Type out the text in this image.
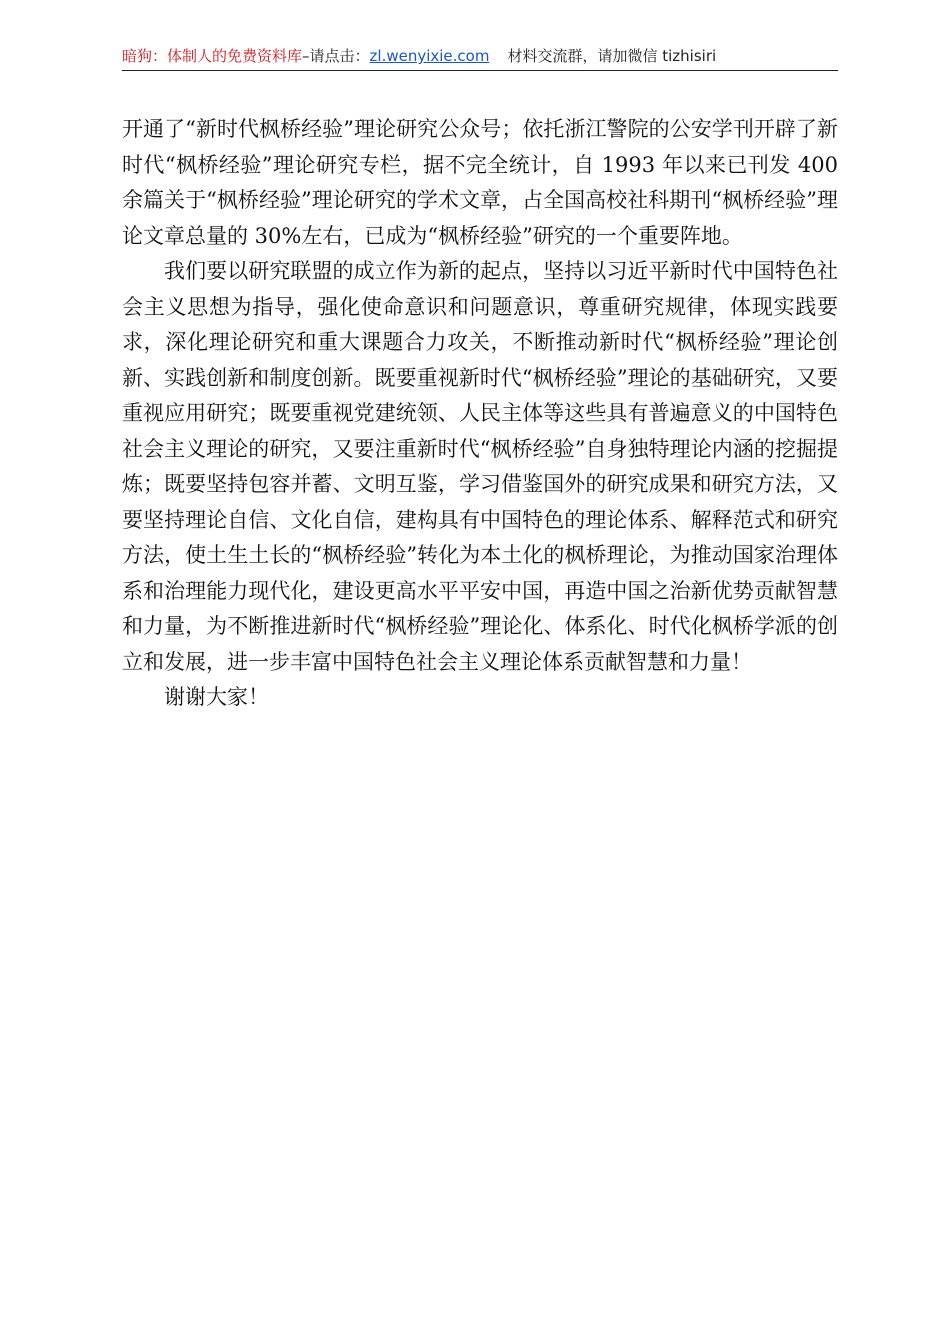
暗狗：体制人的免费资料库–请点击：zl.wenyixie.com 材料交流群，请加微信 tizhisiri

开通了“新时代枫桥经验”理论研究公众号；依托浙江警院的公安学刊开辟了新时代“枫桥经验”理论研究专栏，据不完全统计，自 1993 年以来已刊发 400 余篇关于“枫桥经验”理论研究的学术文章，占全国高校社科期刊“枫桥经验”理论文章总量的 30%左右，已成为“枫桥经验”研究的一个重要阵地。

我们要以研究联盟的成立作为新的起点，坚持以习近平新时代中国特色社会主义思想为指导，强化使命意识和问题意识，尊重研究规律，体现实践要求，深化理论研究和重大课题合力攻关，不断推动新时代“枫桥经验”理论创新、实践创新和制度创新。既要重视新时代“枫桥经验”理论的基础研究，又要重视应用研究；既要重视党建统领、人民主体等这些具有普遍意义的中国特色社会主义理论的研究，又要注重新时代“枫桥经验”自身独特理论内涵的挖掘提炼；既要坚持包容并蓄、文明互鉴，学习借鉴国外的研究成果和研究方法，又要坚持理论自信、文化自信，建构具有中国特色的理论体系、解释范式和研究方法，使土生土长的“枫桥经验”转化为本土化的枫桥理论，为推动国家治理体系和治理能力现代化，建设更高水平平安中国，再造中国之治新优势贡献智慧和力量，为不断推进新时代“枫桥经验”理论化、体系化、时代化枫桥学派的创立和发展，进一步丰富中国特色社会主义理论体系贡献智慧和力量！

谢谢大家！
